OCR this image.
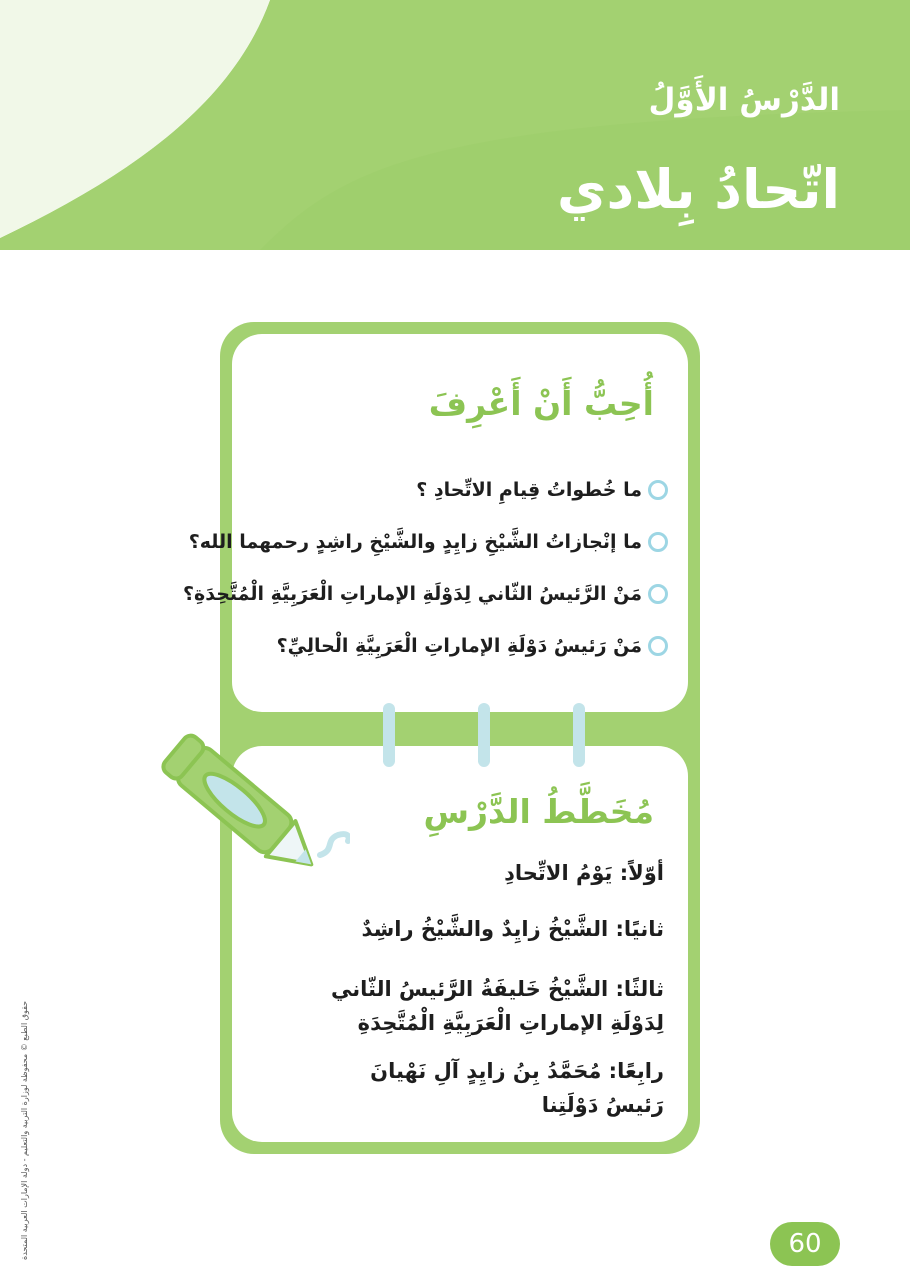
الدَّرْسُ الأَوَّلُ
اتّحادُ بِلادي
أُحِبُّ أَنْ أَعْرِفَ
ما خُطواتُ قِيامِ الاتِّحادِ ؟
ما إنْجازاتُ الشَّيْخِ زايِدٍ والشَّيْخِ راشِدٍ رحمهما الله؟
مَنْ الرَّئيسُ الثّاني لِدَوْلَةِ الإماراتِ الْعَرَبِيَّةِ الْمُتَّحِدَةِ؟
مَنْ رَئيسُ دَوْلَةِ الإماراتِ الْعَرَبِيَّةِ الْحالِيِّ؟
مُخَطَّطُ الدَّرْسِ
أوّلاً: يَوْمُ الاتِّحادِ
ثانيًا: الشَّيْخُ زايِدٌ والشَّيْخُ راشِدٌ
ثالثًا: الشَّيْخُ خَليفَةُ الرَّئيسُ الثّاني
لِدَوْلَةِ الإماراتِ الْعَرَبِيَّةِ الْمُتَّحِدَةِ
رابِعًا: مُحَمَّدُ بِنُ زايِدٍ آلِ نَهْيانَ
رَئيسُ دَوْلَتِنا
60
حقوق الطبع © محفوظة لوزارة التربية والتعليم - دولة الإمارات العربية المتحدة
